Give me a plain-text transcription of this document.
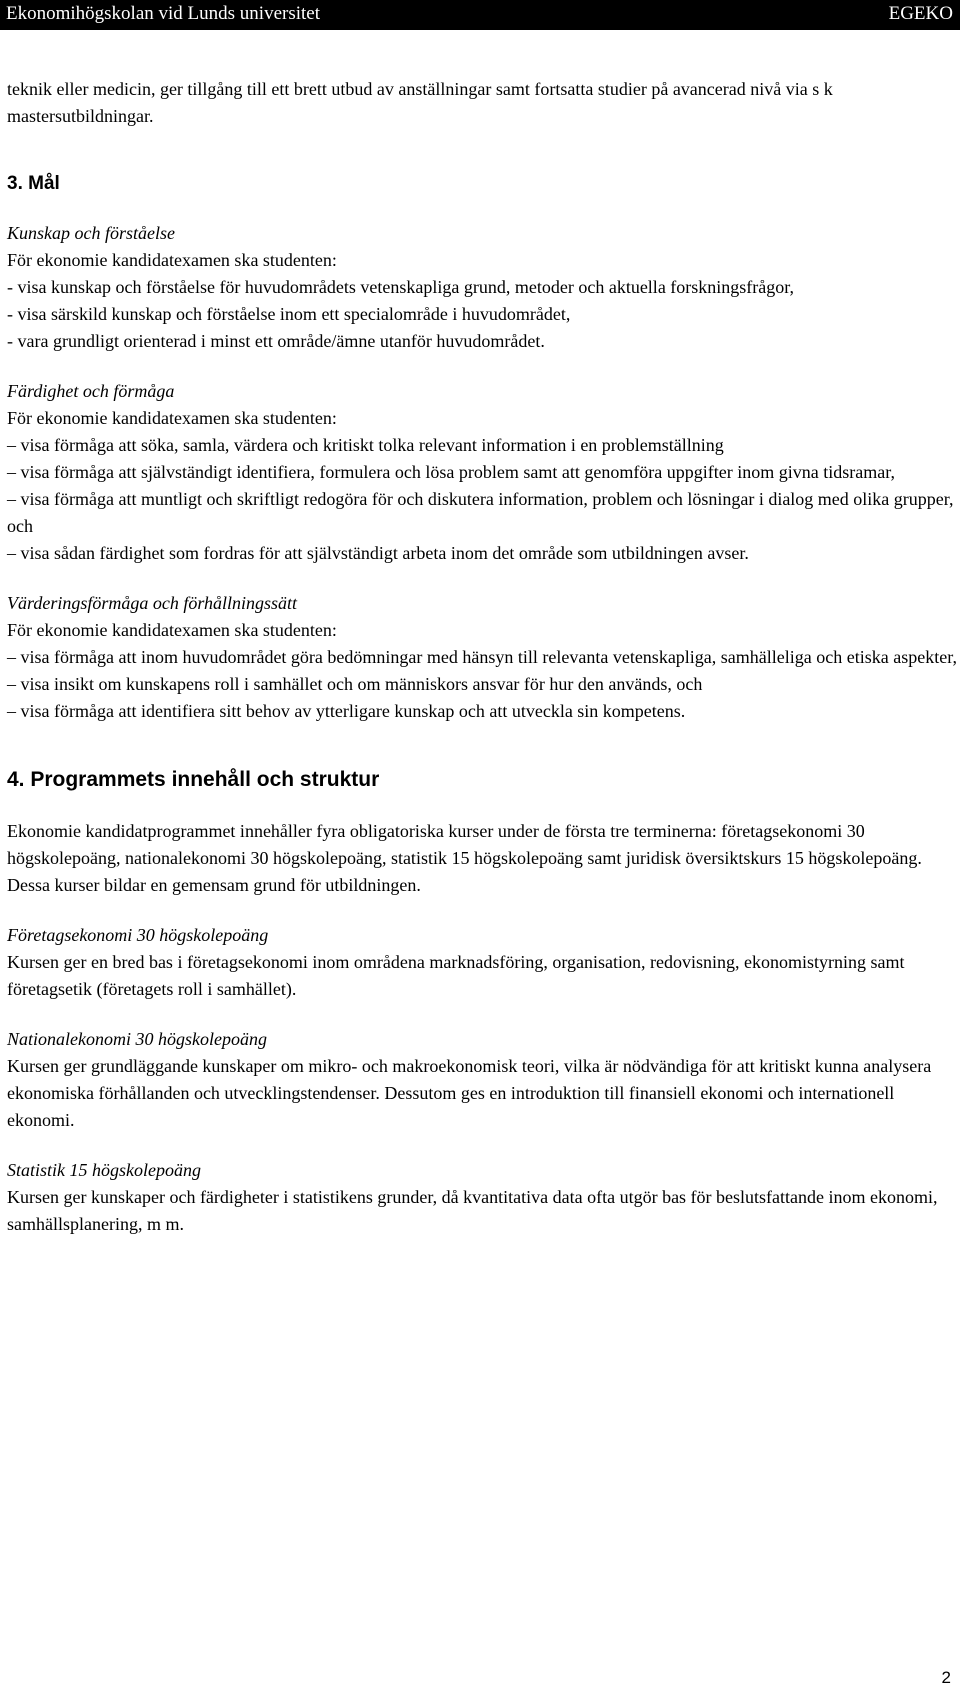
Ekonomihögskolan vid Lunds universitet	EGEKO

teknik eller medicin, ger tillgång till ett brett utbud av anställningar samt fortsatta studier på avancerad nivå via s k mastersutbildningar.

3. Mål

Kunskap och förståelse

För ekonomie kandidatexamen ska studenten:

- visa kunskap och förståelse för huvudområdets vetenskapliga grund, metoder och aktuella forskningsfrågor,

- visa särskild kunskap och förståelse inom ett specialområde i huvudområdet,

- vara grundligt orienterad i minst ett område/ämne utanför huvudområdet.

Färdighet och förmåga

För ekonomie kandidatexamen ska studenten:

– visa förmåga att söka, samla, värdera och kritiskt tolka relevant information i en problemställning

– visa förmåga att självständigt identifiera, formulera och lösa problem samt att genomföra uppgifter inom givna tidsramar,

– visa förmåga att muntligt och skriftligt redogöra för och diskutera information, problem och lösningar i dialog med olika grupper, och

– visa sådan färdighet som fordras för att självständigt arbeta inom det område som utbildningen avser.

Värderingsförmåga och förhållningssätt

För ekonomie kandidatexamen ska studenten:

– visa förmåga att inom huvudområdet göra bedömningar med hänsyn till relevanta vetenskapliga, samhälleliga och etiska aspekter,

– visa insikt om kunskapens roll i samhället och om människors ansvar för hur den används, och

– visa förmåga att identifiera sitt behov av ytterligare kunskap och att utveckla sin kompetens.

4. Programmets innehåll och struktur

Ekonomie kandidatprogrammet innehåller fyra obligatoriska kurser under de första tre terminerna: företagsekonomi 30 högskolepoäng, nationalekonomi 30 högskolepoäng, statistik 15 högskolepoäng samt juridisk översiktskurs 15 högskolepoäng. Dessa kurser bildar en gemensam grund för utbildningen.

Företagsekonomi 30 högskolepoäng

Kursen ger en bred bas i företagsekonomi inom områdena marknadsföring, organisation, redovisning, ekonomistyrning samt företagsetik (företagets roll i samhället).

Nationalekonomi 30 högskolepoäng

Kursen ger grundläggande kunskaper om mikro- och makroekonomisk teori, vilka är nödvändiga för att kritiskt kunna analysera ekonomiska förhållanden och utvecklingstendenser. Dessutom ges en introduktion till finansiell ekonomi och internationell ekonomi.

Statistik 15 högskolepoäng

Kursen ger kunskaper och färdigheter i statistikens grunder, då kvantitativa data ofta utgör bas för beslutsfattande inom ekonomi, samhällsplanering, m m.

2
